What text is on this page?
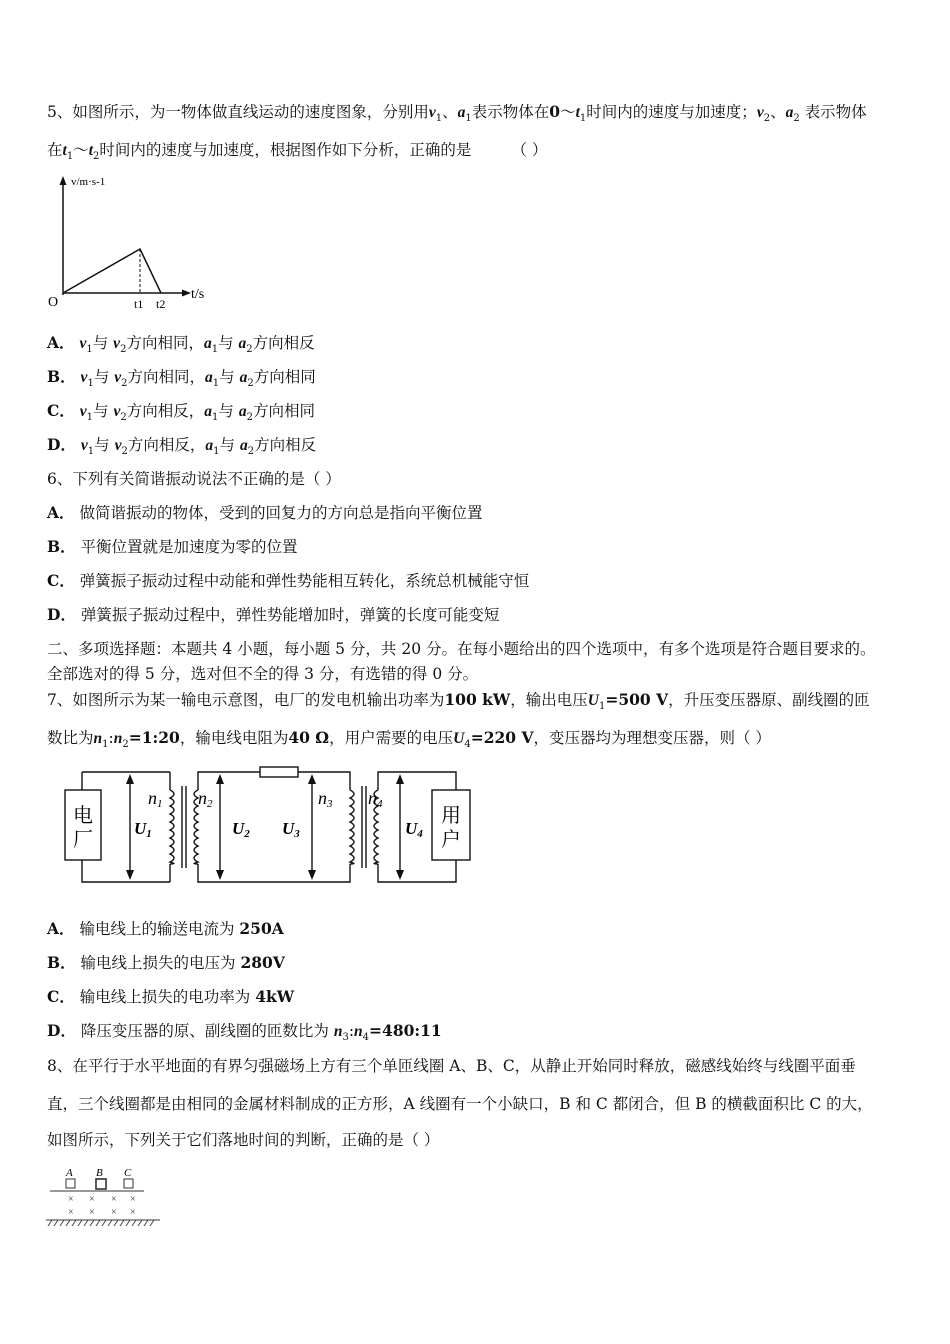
5、如图所示，为一物体做直线运动的速度图象，分别用$v_1$、$a_1$表示物体在$0\sim t_1$时间内的速度与加速度；$v_2$、$a_2$ 表示物体
在$t_1\sim t_2$时间内的速度与加速度，根据图作如下分析，正确的是	（ ）
v/m·s-1
t/s
O	t1 t2
A． $v_1$与 $v_2$方向相同，$a_1$与 $a_2$方向相反
B． $v_1$与 $v_2$方向相同，$a_1$与 $a_2$方向相同
C． $v_1$与 $v_2$方向相反，$a_1$与 $a_2$方向相同
D． $v_1$与 $v_2$方向相反，$a_1$与 $a_2$方向相反
6、下列有关简谐振动说法不正确的是（ ）
A． 做简谐振动的物体，受到的回复力的方向总是指向平衡位置
B． 平衡位置就是加速度为零的位置
C． 弹簧振子振动过程中动能和弹性势能相互转化，系统总机械能守恒
D． 弹簧振子振动过程中，弹性势能增加时，弹簧的长度可能变短
二、多项选择题：本题共 4 小题，每小题 5 分，共 20 分。在每小题给出的四个选项中，有多个选项是符合题目要求的。
全部选对的得 5 分，选对但不全的得 3 分，有选错的得 0 分。
7、如图所示为某一输电示意图，电厂的发电机输出功率为100 kW，输出电压$U_1=500$ V，升压变压器原、副线圈的匝
数比为$n_1:n_2=1:20$，输电线电阻为40 Ω，用户需要的电压$U_4=220$ V，变压器均为理想变压器，则（ ）
电
厂
用
户
n1 n2	n3 n4
U1	U2 U3	U4
A． 输电线上的输送电流为 250A
B． 输电线上损失的电压为 280V
C． 输电线上损失的电功率为 4kW
D． 降压变压器的原、副线圈的匝数比为 $n_3:n_4=480:11$
8、在平行于水平地面的有界匀强磁场上方有三个单匝线圈 A、B、C，从静止开始同时释放，磁感线始终与线圈平面垂
直，三个线圈都是由相同的金属材料制成的正方形，A 线圈有一个小缺口，B 和 C 都闭合，但 B 的横截面积比 C 的大，
如图所示，下列关于它们落地时间的判断，正确的是（ ）
A B C
× × × ×
× × × ×
